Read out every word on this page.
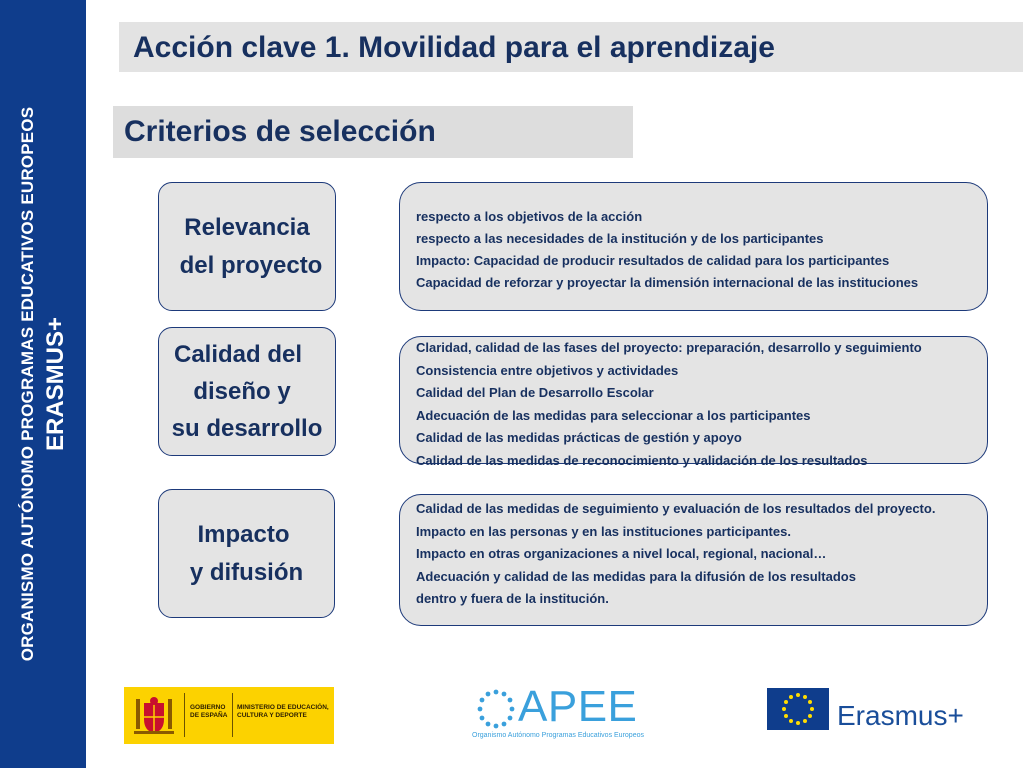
ORGANISMO AUTÓNOMO PROGRAMAS EDUCATIVOS EUROPEOS ERASMUS+
Acción clave 1. Movilidad para el aprendizaje
Criterios de selección
Relevancia
del proyecto
respecto a los objetivos de la acción
respecto a las necesidades de la institución y de los participantes
Impacto: Capacidad de producir resultados de calidad para los participantes
Capacidad de reforzar y proyectar la dimensión internacional de las instituciones
Calidad del
diseño y
su desarrollo
Claridad, calidad de las fases del proyecto: preparación, desarrollo y seguimiento
Consistencia entre objetivos y actividades
Calidad del Plan de Desarrollo Escolar
Adecuación de las medidas para seleccionar a los participantes
Calidad de las medidas prácticas de gestión y apoyo
Calidad de las medidas de reconocimiento y validación de los resultados
Impacto
y difusión
Calidad de las medidas de seguimiento y evaluación de los resultados del proyecto.
Impacto en las personas y en las instituciones participantes.
Impacto en otras organizaciones a nivel local, regional, nacional…
Adecuación y calidad de las medidas para la difusión de los resultados
dentro y fuera de la institución.
GOBIERNO DE ESPAÑA
MINISTERIO DE EDUCACIÓN, CULTURA Y DEPORTE	APEE
Organismo Autónomo Programas Educativos Europeos
Erasmus+
